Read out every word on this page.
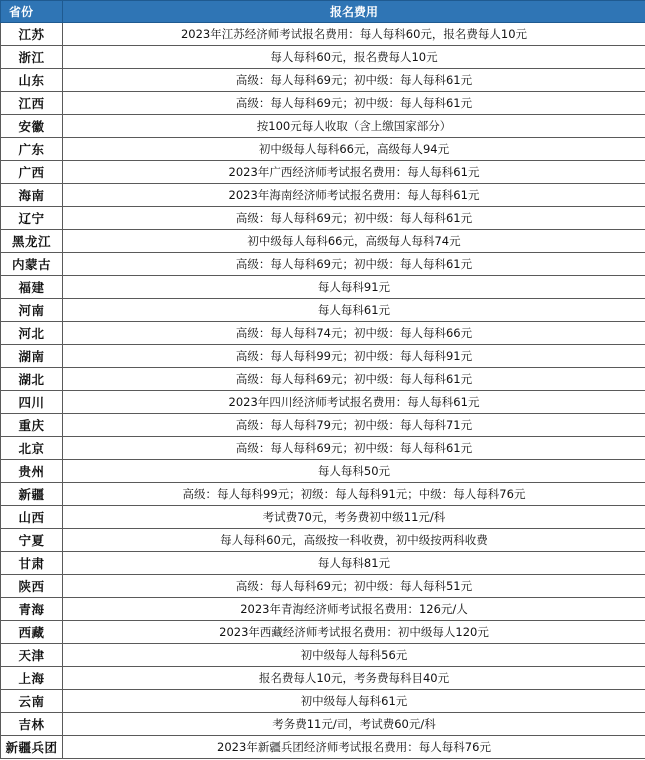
省份	报名费用
江苏	2023年江苏经济师考试报名费用：每人每科60元，报名费每人10元
浙江	每人每科60元，报名费每人10元
山东	高级：每人每科69元；初中级：每人每科61元
江西	高级：每人每科69元；初中级：每人每科61元
安徽	按100元每人收取（含上缴国家部分）
广东	初中级每人每科66元，高级每人94元
广西	2023年广西经济师考试报名费用：每人每科61元
海南	2023年海南经济师考试报名费用：每人每科61元
辽宁	高级：每人每科69元；初中级：每人每科61元
黑龙江	初中级每人每科66元，高级每人每科74元
内蒙古	高级：每人每科69元；初中级：每人每科61元
福建	每人每科91元
河南	每人每科61元
河北	高级：每人每科74元；初中级：每人每科66元
湖南	高级：每人每科99元；初中级：每人每科91元
湖北	高级：每人每科69元；初中级：每人每科61元
四川	2023年四川经济师考试报名费用：每人每科61元
重庆	高级：每人每科79元；初中级：每人每科71元
北京	高级：每人每科69元；初中级：每人每科61元
贵州	每人每科50元
新疆	高级：每人每科99元；初级：每人每科91元；中级：每人每科76元
山西	考试费70元，考务费初中级11元/科
宁夏	每人每科60元，高级按一科收费，初中级按两科收费
甘肃	每人每科81元
陕西	高级：每人每科69元；初中级：每人每科51元
青海	2023年青海经济师考试报名费用：126元/人
西藏	2023年西藏经济师考试报名费用：初中级每人120元
天津	初中级每人每科56元
上海	报名费每人10元，考务费每科目40元
云南	初中级每人每科61元
吉林	考务费11元/司，考试费60元/科
新疆兵团	2023年新疆兵团经济师考试报名费用：每人每科76元
